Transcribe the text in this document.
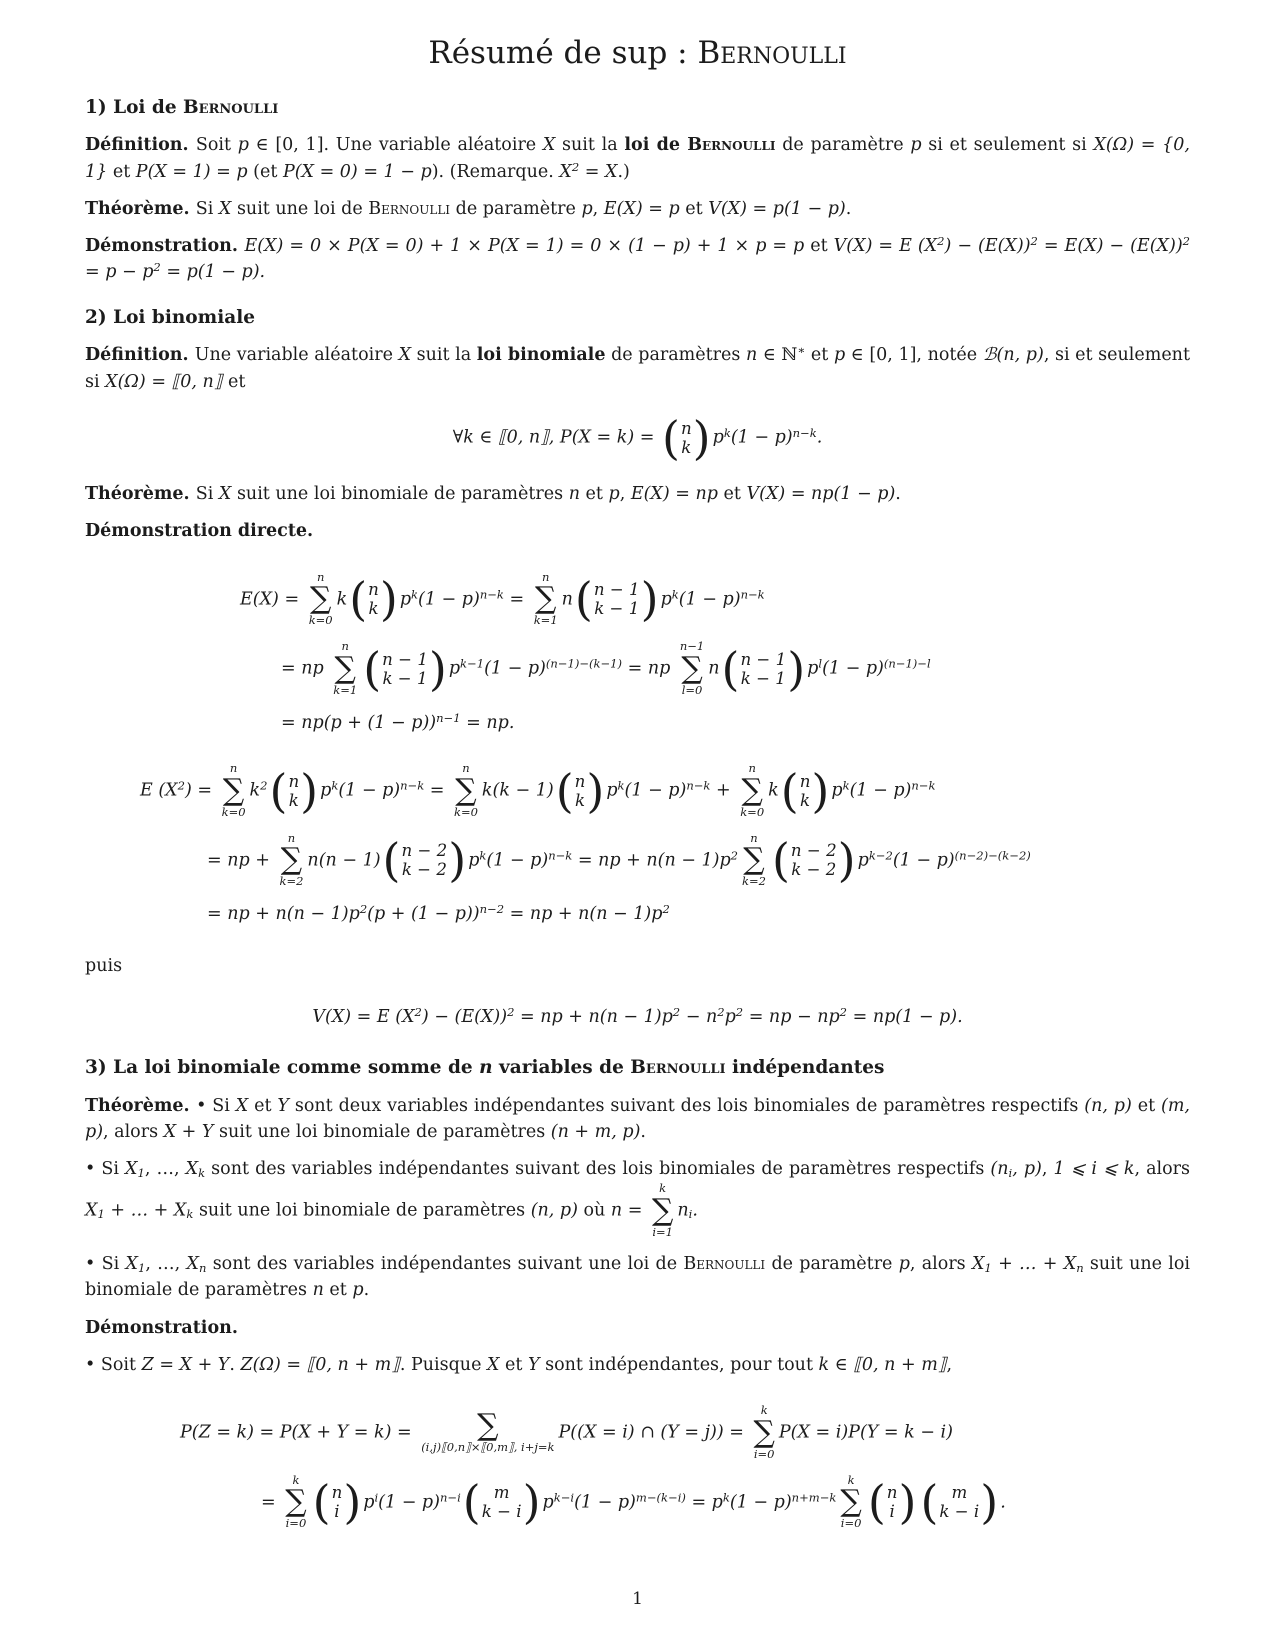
Résumé de sup : Bernoulli
1) Loi de Bernoulli

Définition. Soit p ∈ [0, 1]. Une variable aléatoire X suit la loi de Bernoulli de paramètre p si et seulement si X(Ω) = {0, 1} et P(X = 1) = p (et P(X = 0) = 1 − p). (Remarque. $X^2 = X$.)

Théorème. Si X suit une loi de Bernoulli de paramètre p, E(X) = p et V(X) = p(1 − p).

Démonstration. E(X) = 0 × P(X = 0) + 1 × P(X = 1) = 0 × (1 − p) + 1 × p = p et V(X) = E $(X^2) - (E(X))^2 = E(X) - (E(X))^2 = p - p^2 = p(1 - p)$.

2) Loi binomiale

Définition. Une variable aléatoire X suit la loi binomiale de paramètres n ∈ ℕ∗ et p ∈ [0, 1], notée ℬ(n, p), si et seulement si X(Ω) = ⟦0, n⟧ et

∀k ∈ ⟦0, n⟧, P(X = k) = ( n
k ) $p^k(1 - p)^{n-k}$.

Théorème. Si X suit une loi binomiale de paramètres n et p, E(X) = np et V(X) = np(1 − p).

Démonstration directe.

E(X) =
n
∑
k=0
k ( n
k ) $p^k(1 - p)^{n-k}$ =
n
∑
k=1
n ( n − 1
k − 1 ) $p^k(1 - p)^{n-k}$
= np
n
∑
k=1 ( n − 1
k − 1 ) $p^{k-1}(1 - p)^{(n-1)-(k-1)}$ = np
n−1
∑
l=0
n ( n − 1
k − 1 ) $p^l(1 - p)^{(n-1)-l}$
= $np(p + (1 - p))^{n-1}$ = np.
E $(X^2)$ =
n
∑
k=0
$k^2$ ( n
k ) $p^k(1 - p)^{n-k}$ =
n
∑
k=0
k(k − 1) ( n
k ) $p^k(1 - p)^{n-k}$ +
n
∑
k=0
k ( n
k ) $p^k(1 - p)^{n-k}$
= np +
n
∑
k=2
n(n − 1) ( n − 2
k − 2 ) $p^k(1 - p)^{n-k}$ = np + $n(n - 1)p^2$
n
∑
k=2 ( n − 2
k − 2 ) $p^{k-2}(1 - p)^{(n-2)-(k-2)}$
= np + $n(n - 1)p^2(p + (1 - p))^{n-2}$ = np + $n(n - 1)p^2$

puis

V(X) = E $(X^2) - (E(X))^2$ = np + $n(n - 1)p^2 - n^2p^2$ = np − $np^2 = np(1 - p)$.
3) La loi binomiale comme somme de n variables de Bernoulli indépendantes

Théorème. • Si X et Y sont deux variables indépendantes suivant des lois binomiales de paramètres respectifs (n, p) et (m, p), alors X + Y suit une loi binomiale de paramètres (n + m, p).

• Si $X_1$, …, $X_k$ sont des variables indépendantes suivant des lois binomiales de paramètres respectifs ($n_i$, p), 1 ⩽ i ⩽ k, alors $X_1$ + … + $X_k$ suit une loi binomiale de paramètres (n, p) où n =
k
∑
i=1
$n_i$.

• Si $X_1$, …, $X_n$ sont des variables indépendantes suivant une loi de Bernoulli de paramètre p, alors $X_1$ + … + $X_n$ suit une loi binomiale de paramètres n et p.

Démonstration.

• Soit Z = X + Y. Z(Ω) = ⟦0, n + m⟧. Puisque X et Y sont indépendantes, pour tout k ∈ ⟦0, n + m⟧,

P(Z = k) = P(X + Y = k) = ∑
(i,j)⟦0,n⟧×⟦0,m⟧, i+j=k
P((X = i) ∩ (Y = j)) =
k
∑
i=0
P(X = i)P(Y = k − i)
=
k
∑
i=0 ( n
i ) $p^i(1 - p)^{n-i}$ ( m
k − i ) $p^{k-i}(1 - p)^{m-(k-i)} = p^k(1 - p)^{n+m-k}$
k
∑
i=0 ( n
i ) ( m
k − i ) .
1
